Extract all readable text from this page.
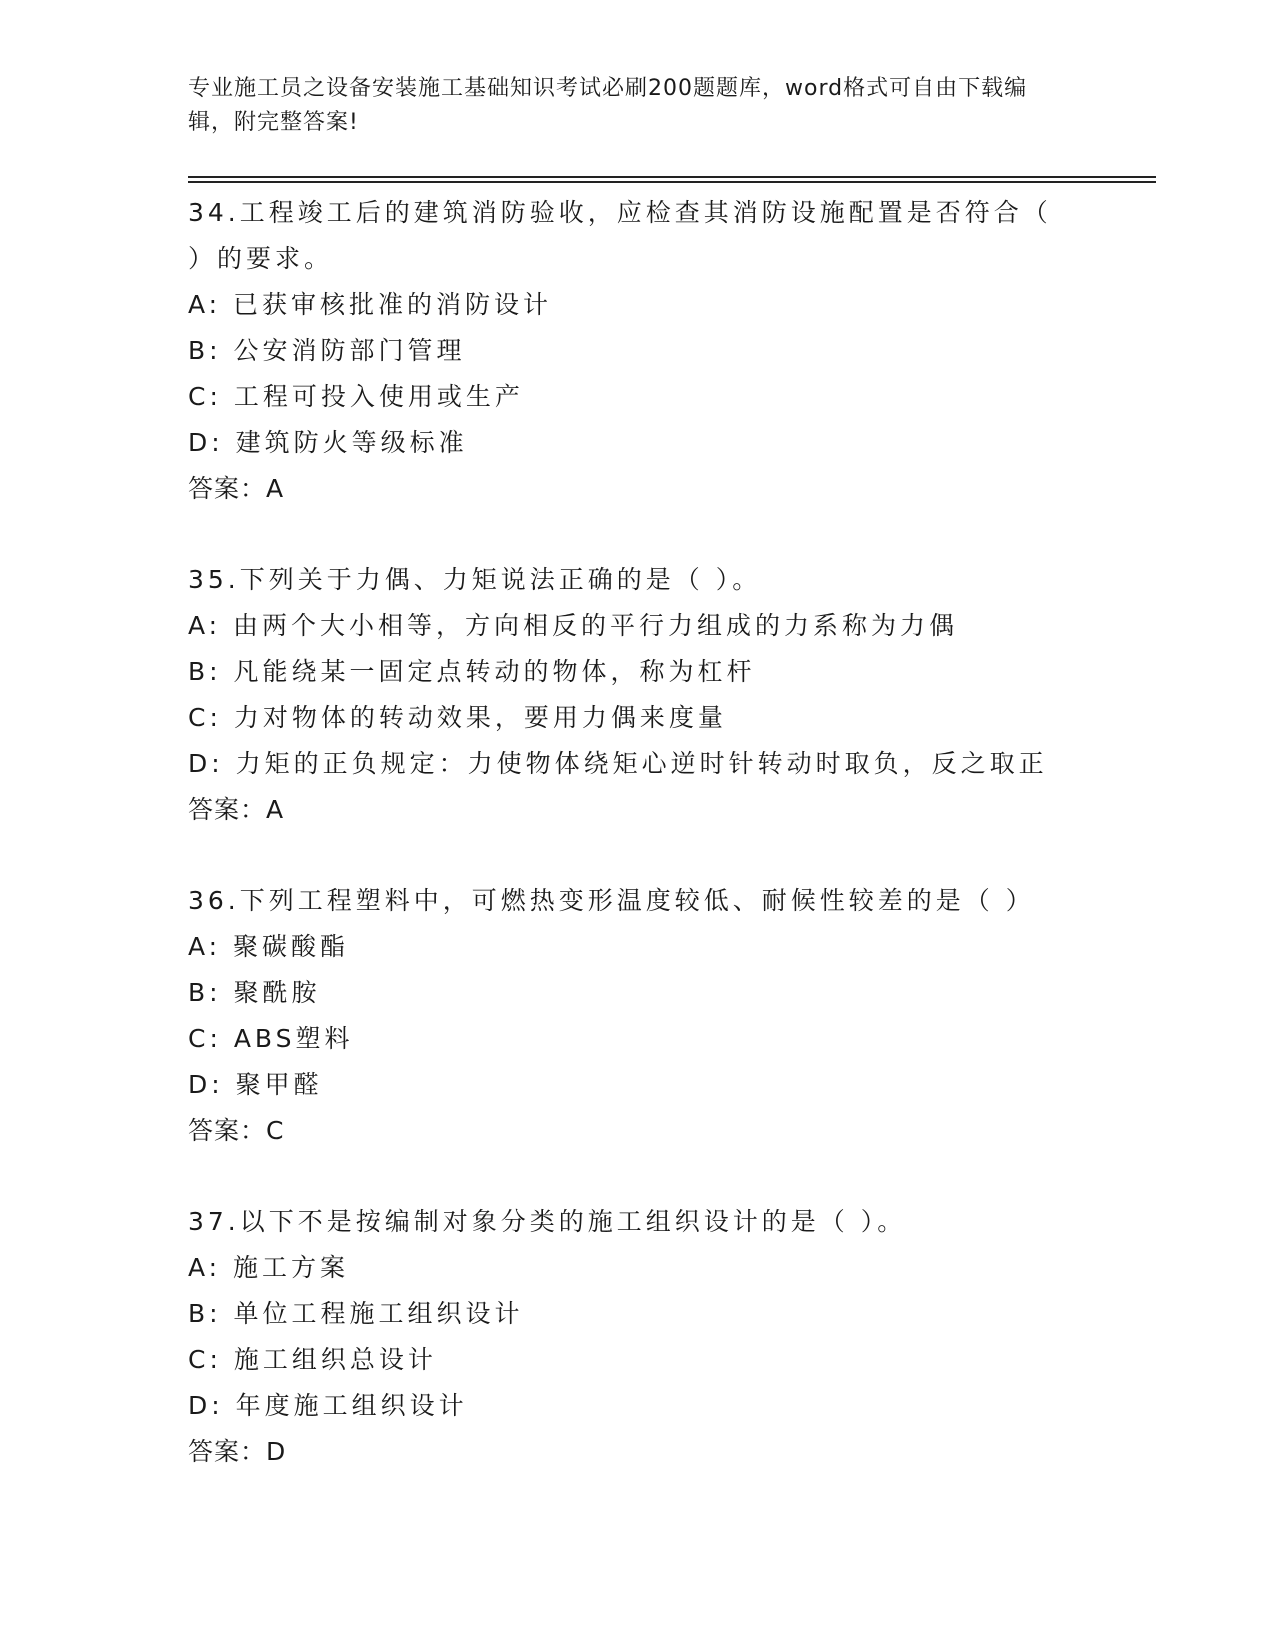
专业施工员之设备安装施工基础知识考试必刷200题题库，word格式可自由下载编辑，附完整答案!
34.工程竣工后的建筑消防验收，应检查其消防设施配置是否符合（ ）的要求。
A: 已获审核批准的消防设计
B: 公安消防部门管理
C: 工程可投入使用或生产
D: 建筑防火等级标准
答案：A
35.下列关于力偶、力矩说法正确的是（ ）。
A: 由两个大小相等，方向相反的平行力组成的力系称为力偶
B: 凡能绕某一固定点转动的物体，称为杠杆
C: 力对物体的转动效果，要用力偶来度量
D: 力矩的正负规定：力使物体绕矩心逆时针转动时取负，反之取正
答案：A
36.下列工程塑料中，可燃热变形温度较低、耐候性较差的是（ ）
A: 聚碳酸酯
B: 聚酰胺
C: ABS塑料
D: 聚甲醛
答案：C
37.以下不是按编制对象分类的施工组织设计的是（ ）。
A: 施工方案
B: 单位工程施工组织设计
C: 施工组织总设计
D: 年度施工组织设计
答案：D
